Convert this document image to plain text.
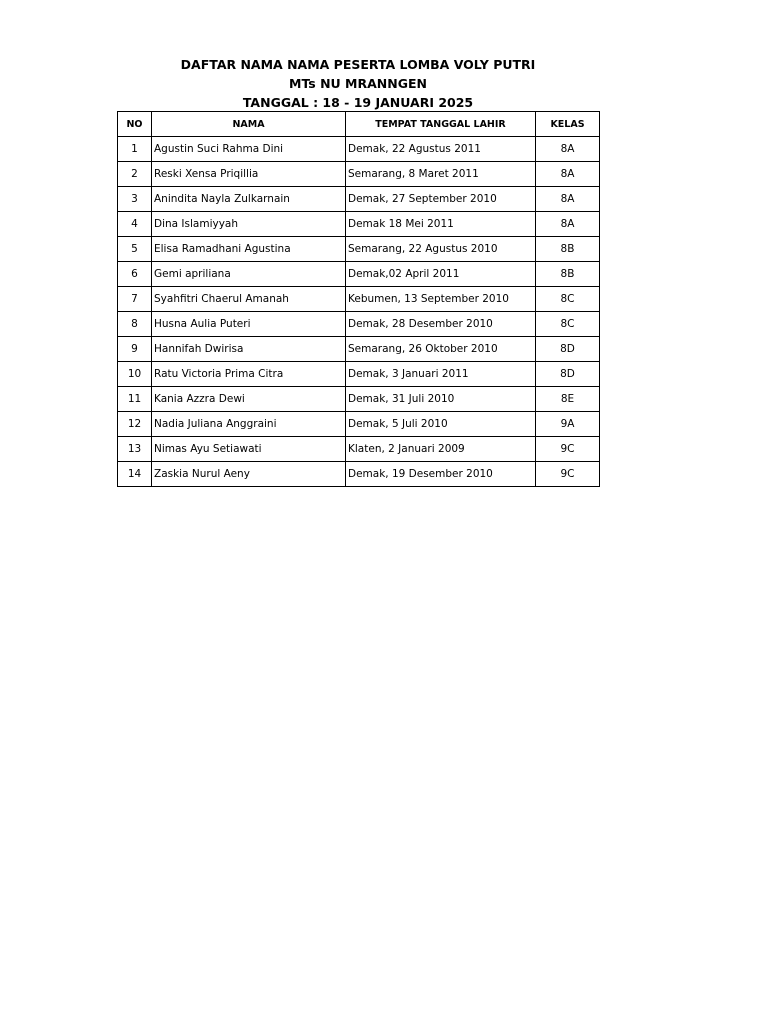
DAFTAR NAMA NAMA PESERTA LOMBA VOLY PUTRI
MTs NU MRANNGEN
TANGGAL : 18 - 19 JANUARI 2025
NO	NAMA	TEMPAT TANGGAL LAHIR	KELAS
1	Agustin Suci Rahma Dini	Demak, 22 Agustus 2011	8A
2	Reski Xensa Priqillia	Semarang, 8 Maret 2011	8A
3	Anindita Nayla Zulkarnain	Demak, 27 September 2010	8A
4	Dina Islamiyyah	Demak 18 Mei 2011	8A
5	Elisa Ramadhani Agustina	Semarang, 22 Agustus 2010	8B
6	Gemi apriliana	Demak,02 April 2011	8B
7	Syahfitri Chaerul Amanah	Kebumen, 13 September 2010	8C
8	Husna Aulia Puteri	Demak, 28 Desember 2010	8C
9	Hannifah Dwirisa	Semarang, 26 Oktober 2010	8D
10	Ratu Victoria Prima Citra	Demak, 3 Januari 2011	8D
11	Kania Azzra Dewi	Demak, 31 Juli 2010	8E
12	Nadia Juliana Anggraini	Demak, 5 Juli 2010	9A
13	Nimas Ayu Setiawati	Klaten, 2 Januari 2009	9C
14	Zaskia Nurul Aeny	Demak, 19 Desember 2010	9C
